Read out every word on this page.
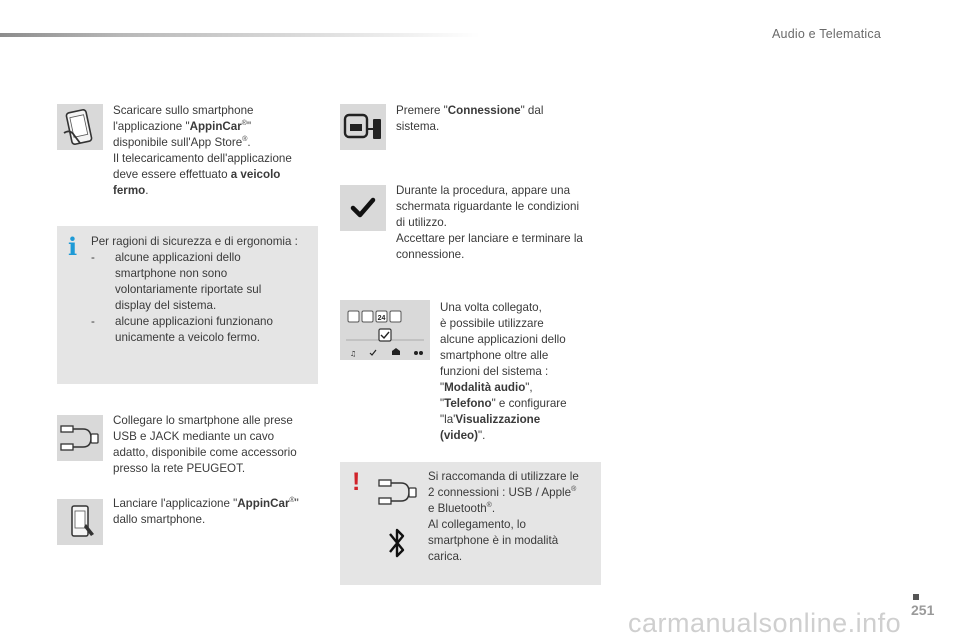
Audio e Telematica
Scaricare sullo smartphone
l'applicazione "AppinCar®"
disponibile sull'App Store®.
Il telecaricamento dell'applicazione
deve essere effettuato a veicolo
fermo.
i Per ragioni di sicurezza e di ergonomia :
-	alcune applicazioni dello
smartphone non sono
volontariamente riportate sul
display del sistema.
-	alcune applicazioni funzionano
unicamente a veicolo fermo.
Collegare lo smartphone alle prese
USB e JACK mediante un cavo
adatto, disponibile come accessorio
presso la rete PEUGEOT.
Lanciare l'applicazione "AppinCar®"
dallo smartphone.
Premere "Connessione" dal
sistema.
Durante la procedura, appare una
schermata riguardante le condizioni
di utilizzo.
Accettare per lanciare e terminare la
connessione.
24
♫
Una volta collegato,
è possibile utilizzare
alcune applicazioni dello
smartphone oltre alle
funzioni del sistema :
"Modalità audio",
"Telefono" e configurare
"la'Visualizzazione
(video)".
!	Si raccomanda di utilizzare le
2 connessioni : USB / Apple®
e Bluetooth®.
Al collegamento, lo
smartphone è in modalità
carica.
251
carmanualsonline.info
